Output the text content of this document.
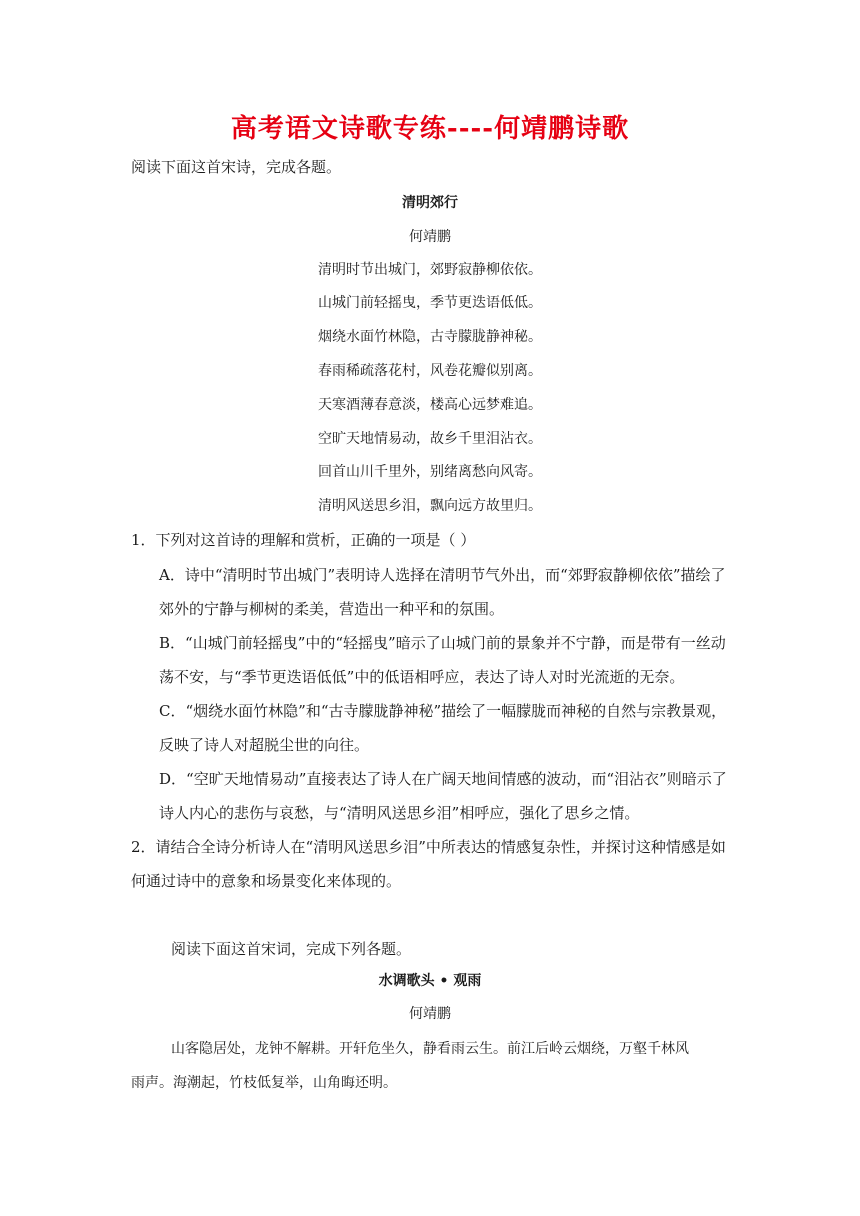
高考语文诗歌专练----何靖鹏诗歌

阅读下面这首宋诗，完成各题。

清明郊行

何靖鹏

清明时节出城门，郊野寂静柳依依。

山城门前轻摇曳，季节更迭语低低。

烟绕水面竹林隐，古寺朦胧静神秘。

春雨稀疏落花村，风卷花瓣似别离。

天寒酒薄春意淡，楼高心远梦难追。

空旷天地情易动，故乡千里泪沾衣。

回首山川千里外，别绪离愁向风寄。

清明风送思乡泪，飘向远方故里归。

1．下列对这首诗的理解和赏析，正确的一项是（ ）

A．诗中“清明时节出城门”表明诗人选择在清明节气外出，而“郊野寂静柳依依”描绘了

郊外的宁静与柳树的柔美，营造出一种平和的氛围。

B．“山城门前轻摇曳”中的“轻摇曳”暗示了山城门前的景象并不宁静，而是带有一丝动

荡不安，与“季节更迭语低低”中的低语相呼应，表达了诗人对时光流逝的无奈。

C．“烟绕水面竹林隐”和“古寺朦胧静神秘”描绘了一幅朦胧而神秘的自然与宗教景观，

反映了诗人对超脱尘世的向往。

D．“空旷天地情易动”直接表达了诗人在广阔天地间情感的波动，而“泪沾衣”则暗示了

诗人内心的悲伤与哀愁，与“清明风送思乡泪”相呼应，强化了思乡之情。

2．请结合全诗分析诗人在“清明风送思乡泪”中所表达的情感复杂性，并探讨这种情感是如

何通过诗中的意象和场景变化来体现的。

阅读下面这首宋词，完成下列各题。

水调歌头 • 观雨

何靖鹏

山客隐居处，龙钟不解耕。开轩危坐久，静看雨云生。前江后岭云烟绕，万壑千林风

雨声。海潮起，竹枝低复举，山角晦还明。
